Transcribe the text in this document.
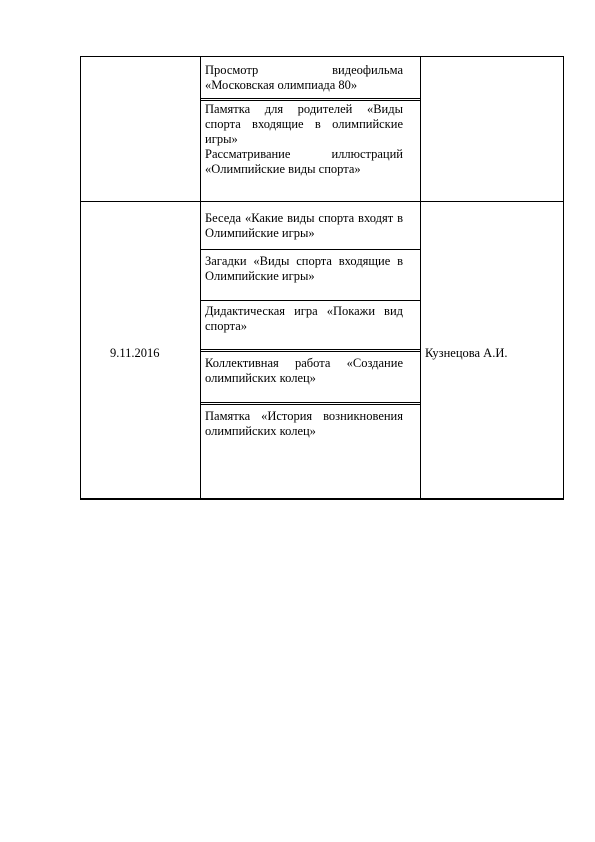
Просмотр видеофильма «Московская олимпиада 80»

Памятка для родителей «Виды спорта входящие в олимпийские игры»

Рассматривание иллюстраций «Олимпийские виды спорта»

9.11.2016	Кузнецова А.И.

Беседа «Какие виды спорта входят в Олимпийские игры»

Загадки «Виды спорта входящие в Олимпийские игры»

Дидактическая игра «Покажи вид спорта»

Коллективная работа «Создание олимпийских колец»

Памятка «История возникновения олимпийских колец»
